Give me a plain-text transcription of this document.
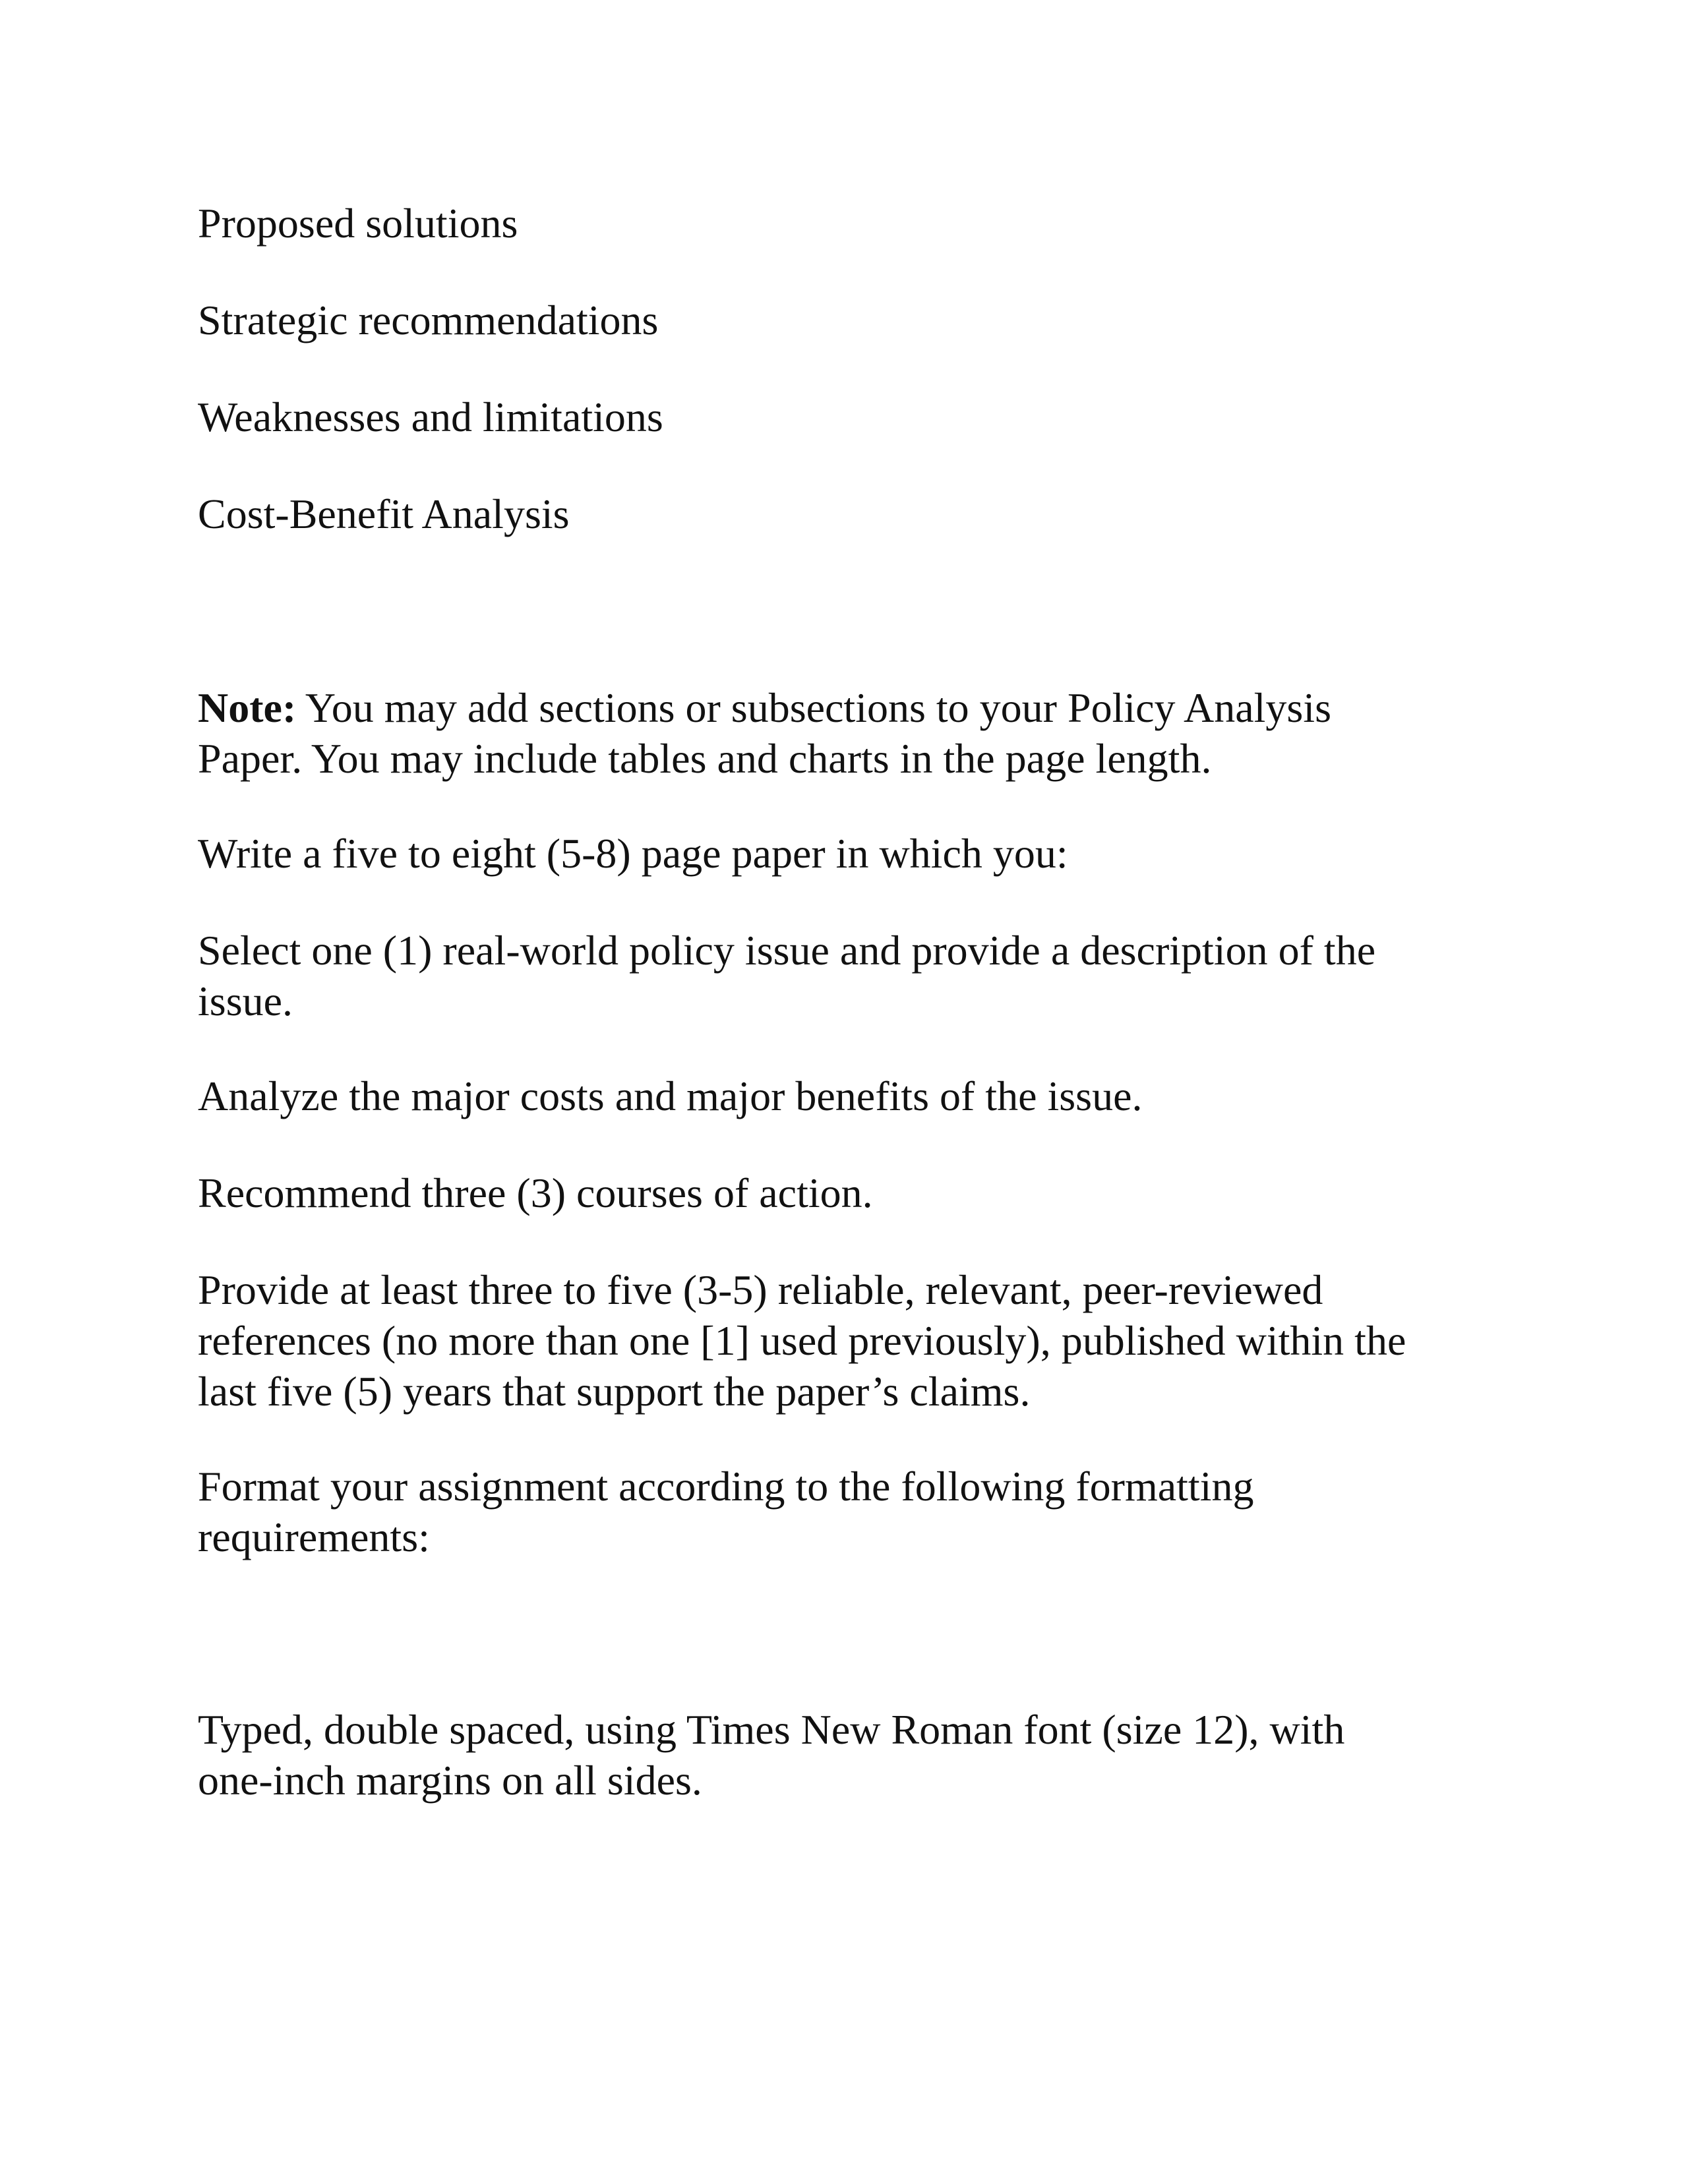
Proposed solutions

Strategic recommendations

Weaknesses and limitations

Cost-Benefit Analysis

Note: You may add sections or subsections to your Policy Analysis
Paper. You may include tables and charts in the page length.

Write a five to eight (5-8) page paper in which you:

Select one (1) real-world policy issue and provide a description of the
issue.

Analyze the major costs and major benefits of the issue.

Recommend three (3) courses of action.

Provide at least three to five (3-5) reliable, relevant, peer-reviewed
references (no more than one [1] used previously), published within the
last five (5) years that support the paper’s claims.

Format your assignment according to the following formatting
requirements:

Typed, double spaced, using Times New Roman font (size 12), with
one-inch margins on all sides.
